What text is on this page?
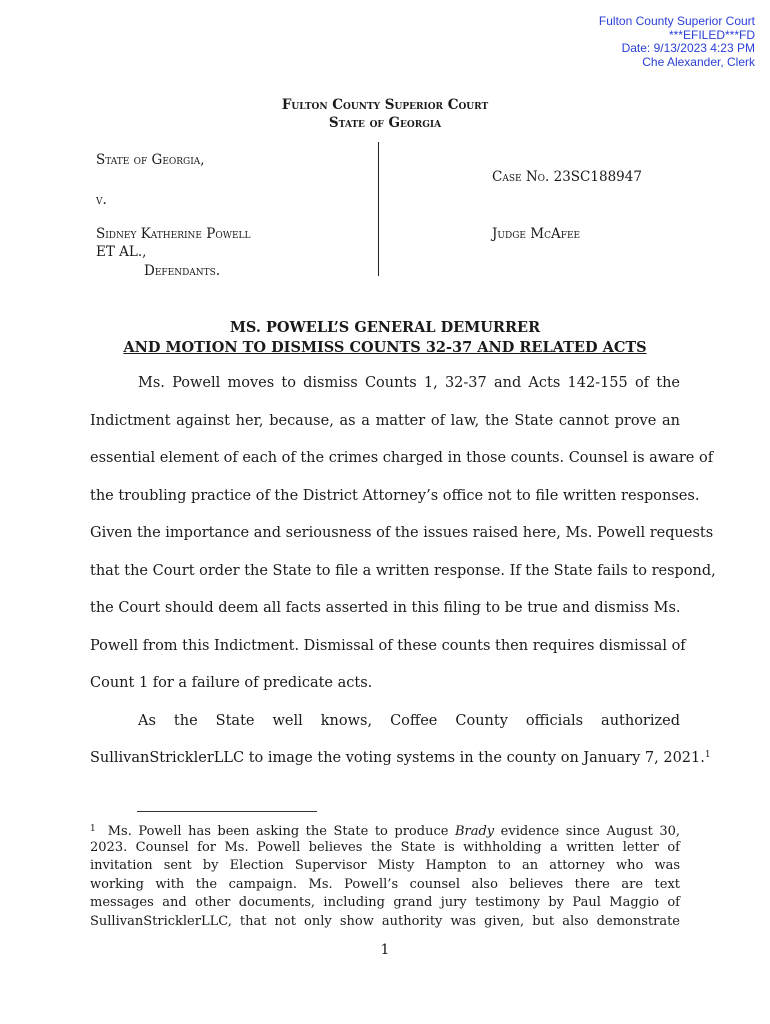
Fulton County Superior Court
***EFILED***FD
Date: 9/13/2023 4:23 PM
Che Alexander, Clerk
Fulton County Superior Court
State of Georgia
State of Georgia,
v.
Sidney Katherine Powell
ET AL.,
Defendants.
Case No. 23SC188947
Judge McAfee
MS. POWELL’S GENERAL DEMURRER
AND MOTION TO DISMISS COUNTS 32-37 AND RELATED ACTS
Ms. Powell moves to dismiss Counts 1, 32-37 and Acts 142-155 of the
Indictment against her, because, as a matter of law, the State cannot prove an
essential element of each of the crimes charged in those counts. Counsel is aware of
the troubling practice of the District Attorney’s office not to file written responses.
Given the importance and seriousness of the issues raised here, Ms. Powell requests
that the Court order the State to file a written response. If the State fails to respond,
the Court should deem all facts asserted in this filing to be true and dismiss Ms.
Powell from this Indictment. Dismissal of these counts then requires dismissal of
Count 1 for a failure of predicate acts.
As the State well knows, Coffee County officials authorized
SullivanStricklerLLC to image the voting systems in the county on January 7, 2021.$^1$
$^1$ Ms. Powell has been asking the State to produce Brady evidence since August 30,
2023. Counsel for Ms. Powell believes the State is withholding a written letter of
invitation sent by Election Supervisor Misty Hampton to an attorney who was
working with the campaign. Ms. Powell’s counsel also believes there are text
messages and other documents, including grand jury testimony by Paul Maggio of
SullivanStricklerLLC, that not only show authority was given, but also demonstrate
1
